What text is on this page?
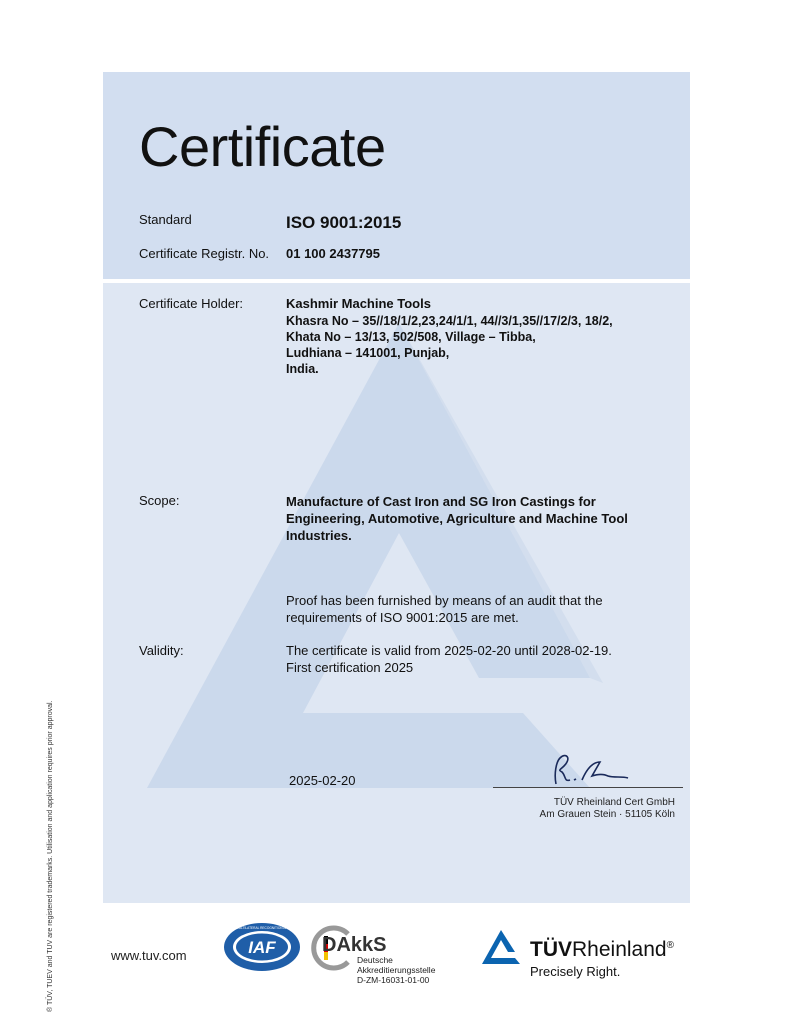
Certificate
Standard	ISO 9001:2015
Certificate Registr. No. 01 100 2437795
Certificate Holder:	Kashmir Machine Tools
Khasra No – 35//18/1/2,23,24/1/1, 44//3/1,35//17/2/3, 18/2,
Khata No – 13/13, 502/508, Village – Tibba,
Ludhiana – 141001, Punjab,
India.
Scope:	Manufacture of Cast Iron and SG Iron Castings for
Engineering, Automotive, Agriculture and Machine Tool
Industries.
Proof has been furnished by means of an audit that the
requirements of ISO 9001:2015 are met.
Validity:	The certificate is valid from 2025-02-20 until 2028-02-19.
First certification 2025
2025-02-20
TÜV Rheinland Cert GmbH
Am Grauen Stein · 51105 Köln
® TÜV, TUEV and TUV are registered trademarks. Utilisation and application requires prior approval.	www.tuv.com	IAF
MEMBER OF MULTILATERAL RECOGNITION ARRANGEMENT
DAkkS
Deutsche
Akkreditierungsstelle
D-ZM-16031-01-00
TÜVRheinland®
Precisely Right.
